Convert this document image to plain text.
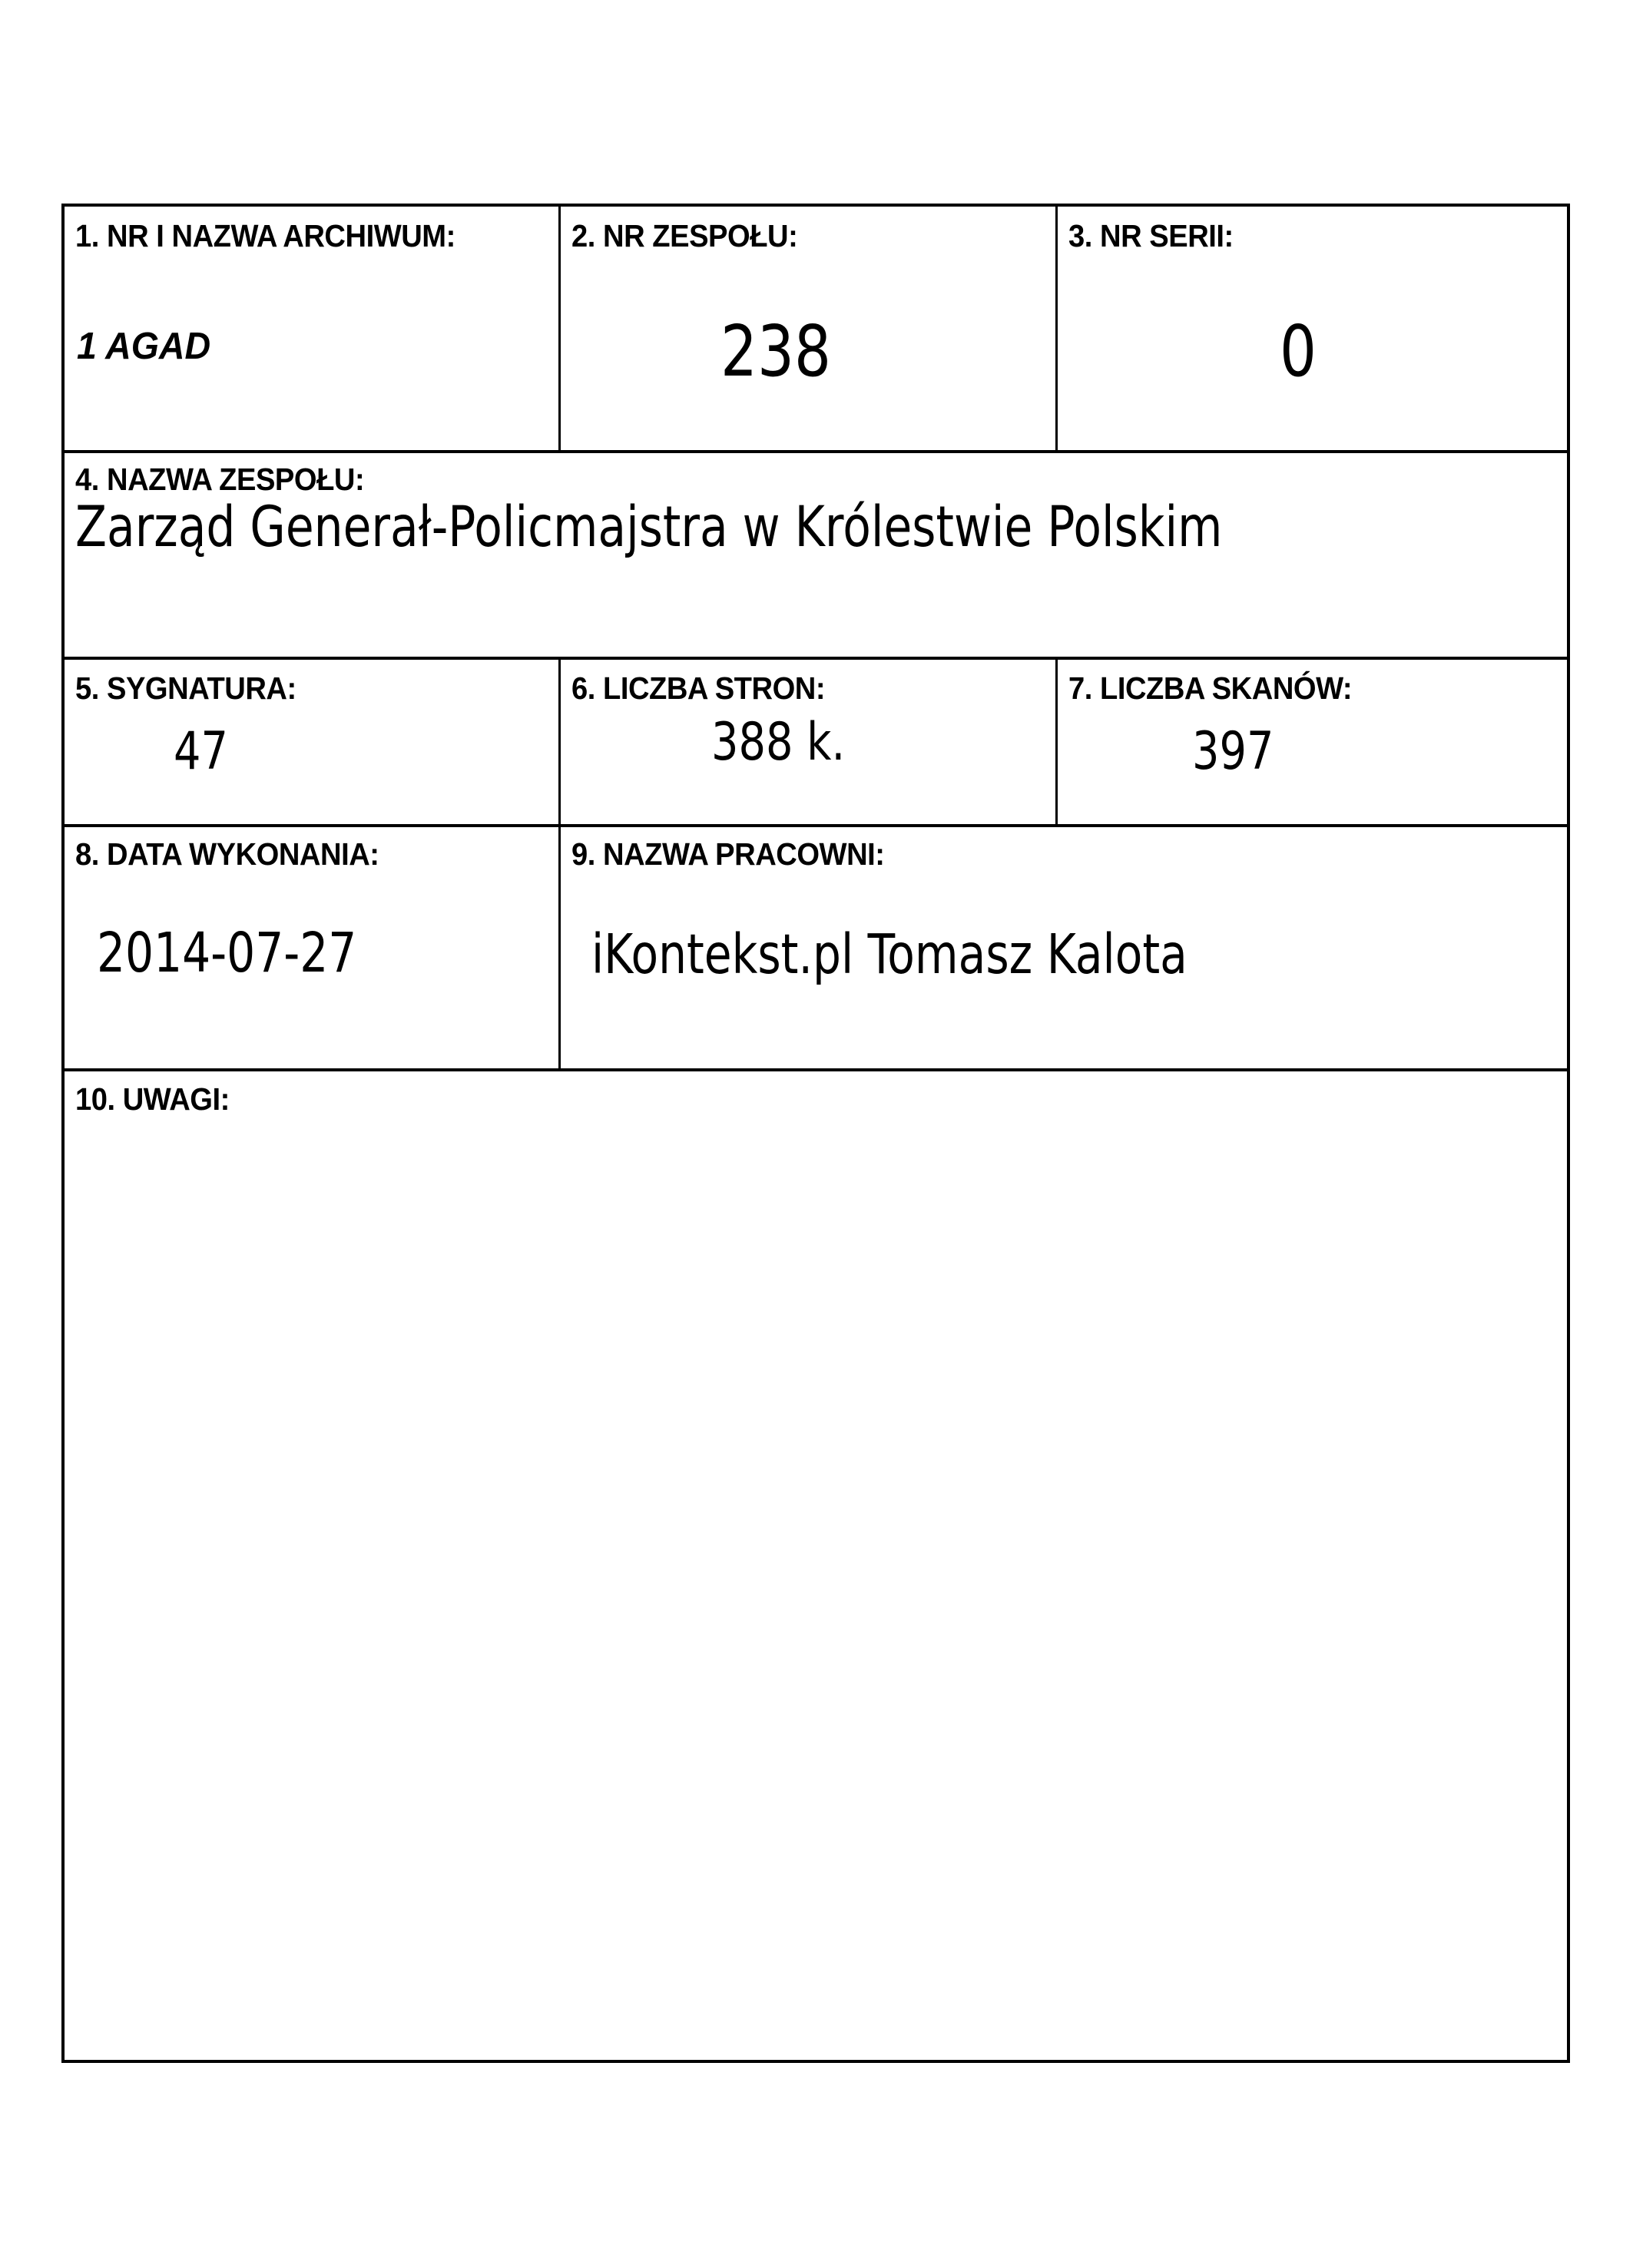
1. NR I NAZWA ARCHIWUM:
1 AGAD
2. NR ZESPOŁU:
238
3. NR SERII:
0
4. NAZWA ZESPOŁU:
Zarząd Generał-Policmajstra w Królestwie Polskim
5. SYGNATURA:
47
6. LICZBA STRON:
388 k.
7. LICZBA SKANÓW:
397
8. DATA WYKONANIA:
2014-07-27
9. NAZWA PRACOWNI:
iKontekst.pl Tomasz Kalota
10. UWAGI:
